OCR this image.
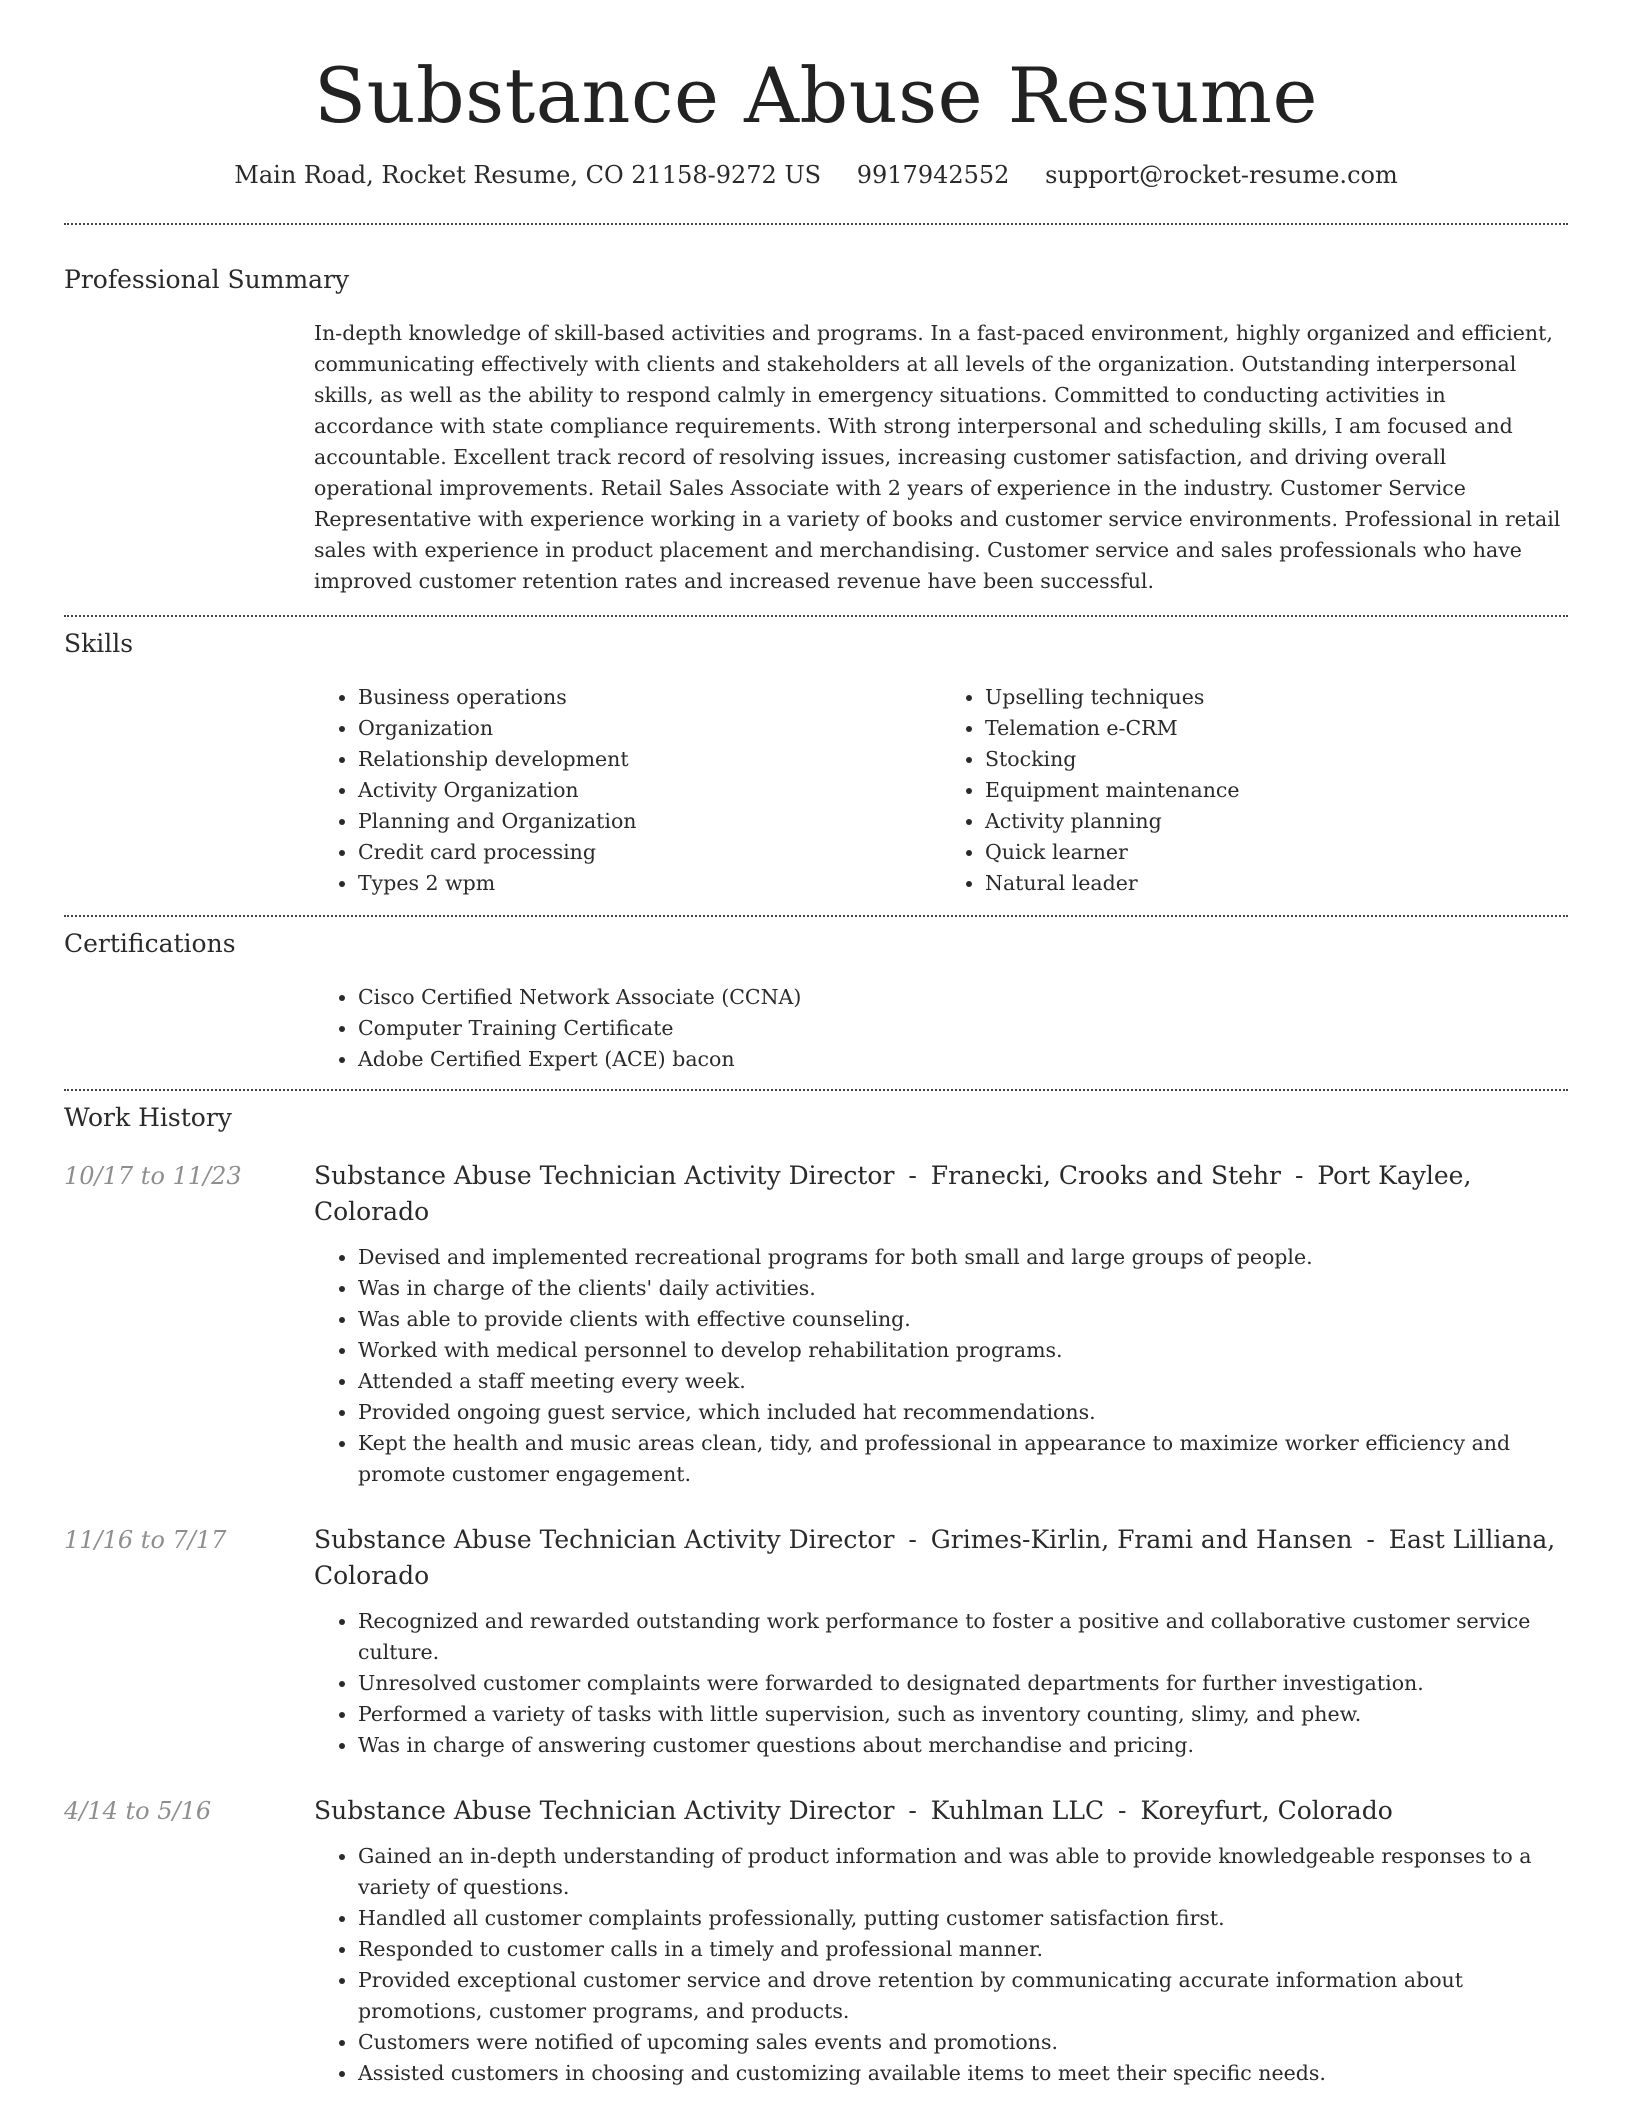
Substance Abuse Resume
Main Road, Rocket Resume, CO 21158-9272 US 9917942552 support@rocket-resume.com
Professional Summary

In-depth knowledge of skill-based activities and programs. In a fast-paced environment, highly organized and efficient, communicating effectively with clients and stakeholders at all levels of the organization. Outstanding interpersonal skills, as well as the ability to respond calmly in emergency situations. Committed to conducting activities in accordance with state compliance requirements. With strong interpersonal and scheduling skills, I am focused and accountable. Excellent track record of resolving issues, increasing customer satisfaction, and driving overall operational improvements. Retail Sales Associate with 2 years of experience in the industry. Customer Service Representative with experience working in a variety of books and customer service environments. Professional in retail sales with experience in product placement and merchandising. Customer service and sales professionals who have improved customer retention rates and increased revenue have been successful.

Skills
• Business operations
• Organization
• Relationship development
• Activity Organization
• Planning and Organization
• Credit card processing
• Types 2 wpm
• Upselling techniques
• Telemation e-CRM
• Stocking
• Equipment maintenance
• Activity planning
• Quick learner
• Natural leader
Certifications
• Cisco Certified Network Associate (CCNA)
• Computer Training Certificate
• Adobe Certified Expert (ACE) bacon
Work History
10/17 to 11/23	Substance Abuse Technician Activity Director - Franecki, Crooks and Stehr - Port Kaylee, Colorado
• Devised and implemented recreational programs for both small and large groups of people.
• Was in charge of the clients' daily activities.
• Was able to provide clients with effective counseling.
• Worked with medical personnel to develop rehabilitation programs.
• Attended a staff meeting every week.
• Provided ongoing guest service, which included hat recommendations.
• Kept the health and music areas clean, tidy, and professional in appearance to maximize worker efficiency and promote customer engagement.
11/16 to 7/17	Substance Abuse Technician Activity Director - Grimes-Kirlin, Frami and Hansen - East Lilliana, Colorado
• Recognized and rewarded outstanding work performance to foster a positive and collaborative customer service culture.
• Unresolved customer complaints were forwarded to designated departments for further investigation.
• Performed a variety of tasks with little supervision, such as inventory counting, slimy, and phew.
• Was in charge of answering customer questions about merchandise and pricing.
4/14 to 5/16	Substance Abuse Technician Activity Director - Kuhlman LLC - Koreyfurt, Colorado
• Gained an in-depth understanding of product information and was able to provide knowledgeable responses to a variety of questions.
• Handled all customer complaints professionally, putting customer satisfaction first.
• Responded to customer calls in a timely and professional manner.
• Provided exceptional customer service and drove retention by communicating accurate information about promotions, customer programs, and products.
• Customers were notified of upcoming sales events and promotions.
• Assisted customers in choosing and customizing available items to meet their specific needs.
